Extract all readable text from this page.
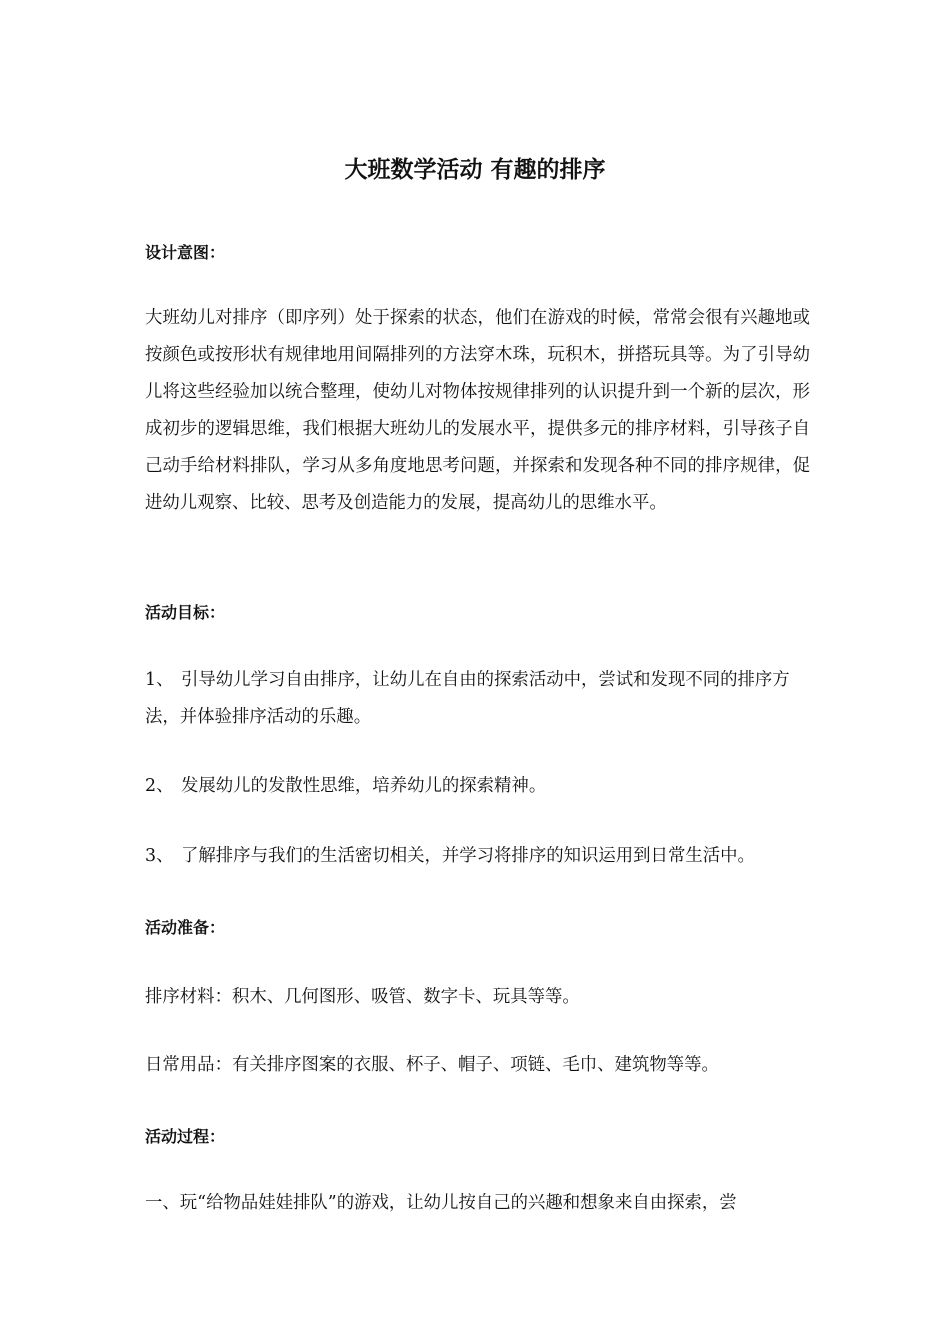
大班数学活动 有趣的排序
设计意图：
大班幼儿对排序（即序列）处于探索的状态，他们在游戏的时候，常常会很有兴趣地或按颜色或按形状有规律地用间隔排列的方法穿木珠，玩积木，拼搭玩具等。为了引导幼儿将这些经验加以统合整理，使幼儿对物体按规律排列的认识提升到一个新的层次，形成初步的逻辑思维，我们根据大班幼儿的发展水平，提供多元的排序材料，引导孩子自己动手给材料排队，学习从多角度地思考问题，并探索和发现各种不同的排序规律，促进幼儿观察、比较、思考及创造能力的发展，提高幼儿的思维水平。
活动目标：
1、 引导幼儿学习自由排序，让幼儿在自由的探索活动中，尝试和发现不同的排序方法，并体验排序活动的乐趣。
2、 发展幼儿的发散性思维，培养幼儿的探索精神。
3、 了解排序与我们的生活密切相关，并学习将排序的知识运用到日常生活中。
活动准备：
排序材料：积木、几何图形、吸管、数字卡、玩具等等。
日常用品：有关排序图案的衣服、杯子、帽子、项链、毛巾、建筑物等等。
活动过程：
一、玩“给物品娃娃排队”的游戏，让幼儿按自己的兴趣和想象来自由探索，尝
